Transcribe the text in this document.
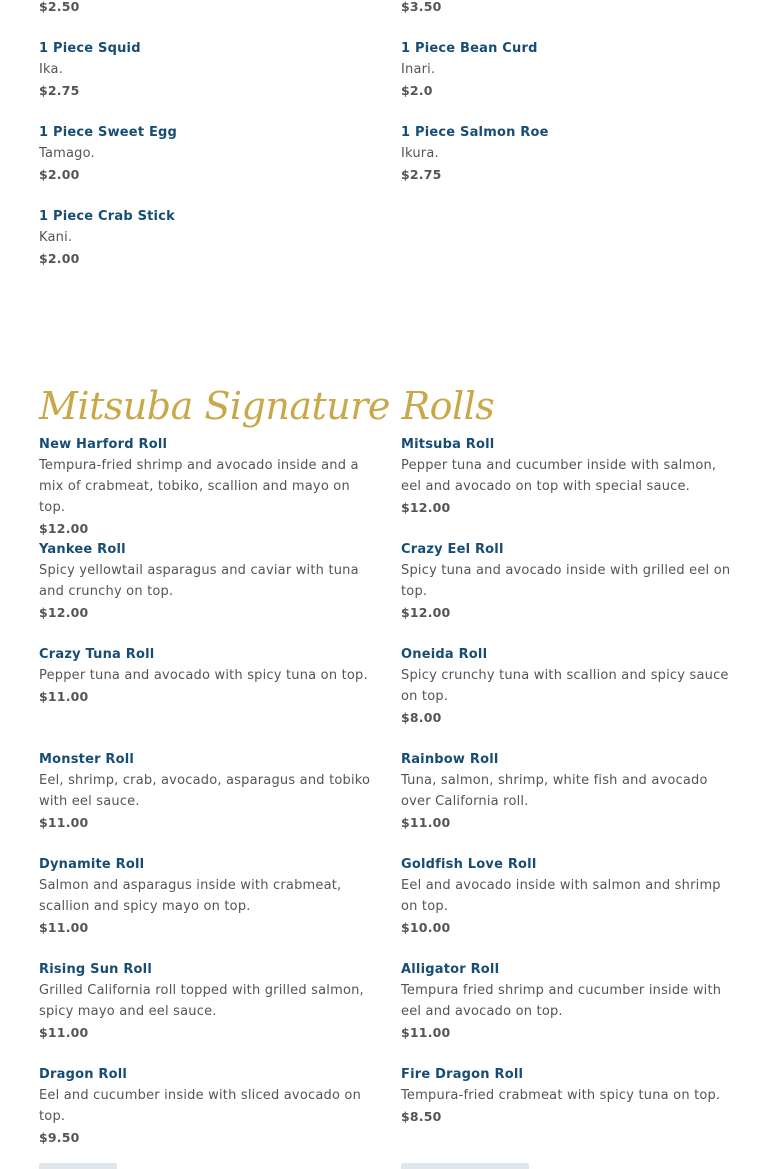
$2.50	$3.50
1 Piece Squid
Ika.
$2.75
1 Piece Bean Curd
Inari.
$2.0
1 Piece Sweet Egg
Tamago.
$2.00
1 Piece Salmon Roe
Ikura.
$2.75
1 Piece Crab Stick
Kani.
$2.00
Mitsuba Signature Rolls
New Harford Roll
Tempura-fried shrimp and avocado inside and a mix of crabmeat, tobiko, scallion and mayo on top.
$12.00
Mitsuba Roll
Pepper tuna and cucumber inside with salmon, eel and avocado on top with special sauce.
$12.00
Yankee Roll
Spicy yellowtail asparagus and caviar with tuna and crunchy on top.
$12.00
Crazy Eel Roll
Spicy tuna and avocado inside with grilled eel on top.
$12.00
Crazy Tuna Roll
Pepper tuna and avocado with spicy tuna on top.
$11.00
Oneida Roll
Spicy crunchy tuna with scallion and spicy sauce on top.
$8.00
Monster Roll
Eel, shrimp, crab, avocado, asparagus and tobiko with eel sauce.
$11.00
Rainbow Roll
Tuna, salmon, shrimp, white fish and avocado over California roll.
$11.00
Dynamite Roll
Salmon and asparagus inside with crabmeat, scallion and spicy mayo on top.
$11.00
Goldfish Love Roll
Eel and avocado inside with salmon and shrimp on top.
$10.00
Rising Sun Roll
Grilled California roll topped with grilled salmon, spicy mayo and eel sauce.
$11.00
Alligator Roll
Tempura fried shrimp and cucumber inside with eel and avocado on top.
$11.00
Dragon Roll
Eel and cucumber inside with sliced avocado on top.
$9.50
Fire Dragon Roll
Tempura-fried crabmeat with spicy tuna on top.
$8.50
